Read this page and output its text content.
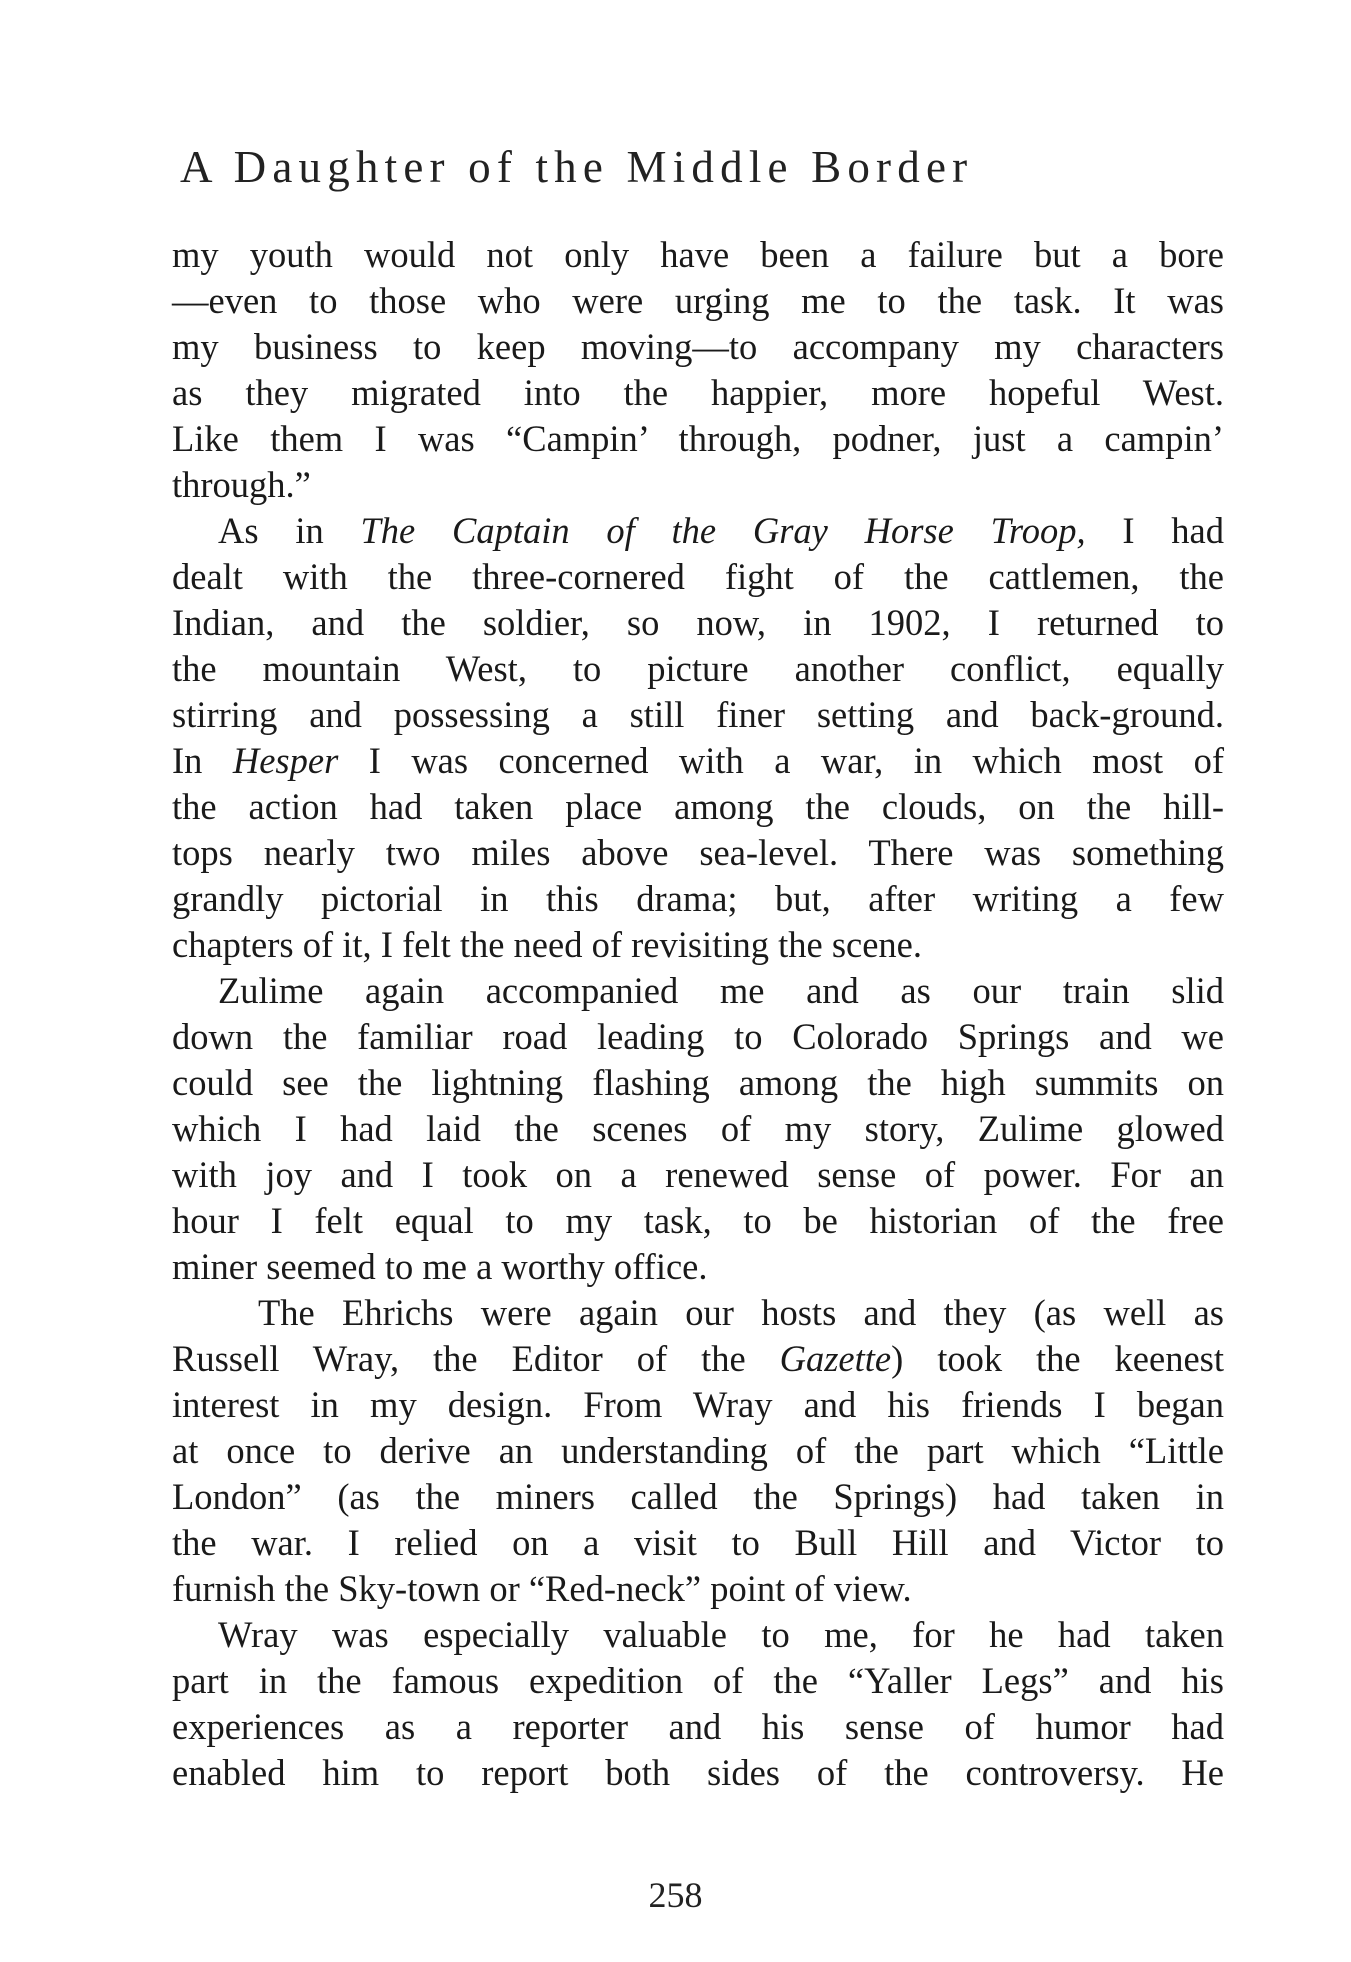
A Daughter of the Middle Border
my youth would not only have been a failure but a bore
—even to those who were urging me to the task. It was
my business to keep moving—to accompany my characters
as they migrated into the happier, more hopeful West.
Like them I was “Campin’ through, podner, just a campin’
through.”
As in The Captain of the Gray Horse Troop, I had
dealt with the three-cornered fight of the cattlemen, the
Indian, and the soldier, so now, in 1902, I returned to
the mountain West, to picture another conflict, equally
stirring and possessing a still finer setting and back-ground.
In Hesper I was concerned with a war, in which most of
the action had taken place among the clouds, on the hill-
tops nearly two miles above sea-level. There was something
grandly pictorial in this drama; but, after writing a few
chapters of it, I felt the need of revisiting the scene.
Zulime again accompanied me and as our train slid
down the familiar road leading to Colorado Springs and we
could see the lightning flashing among the high summits on
which I had laid the scenes of my story, Zulime glowed
with joy and I took on a renewed sense of power. For an
hour I felt equal to my task, to be historian of the free
miner seemed to me a worthy office.
The Ehrichs were again our hosts and they (as well as
Russell Wray, the Editor of the Gazette) took the keenest
interest in my design. From Wray and his friends I began
at once to derive an understanding of the part which “Little
London” (as the miners called the Springs) had taken in
the war. I relied on a visit to Bull Hill and Victor to
furnish the Sky-town or “Red-neck” point of view.
Wray was especially valuable to me, for he had taken
part in the famous expedition of the “Yaller Legs” and his
experiences as a reporter and his sense of humor had
enabled him to report both sides of the controversy. He
258
